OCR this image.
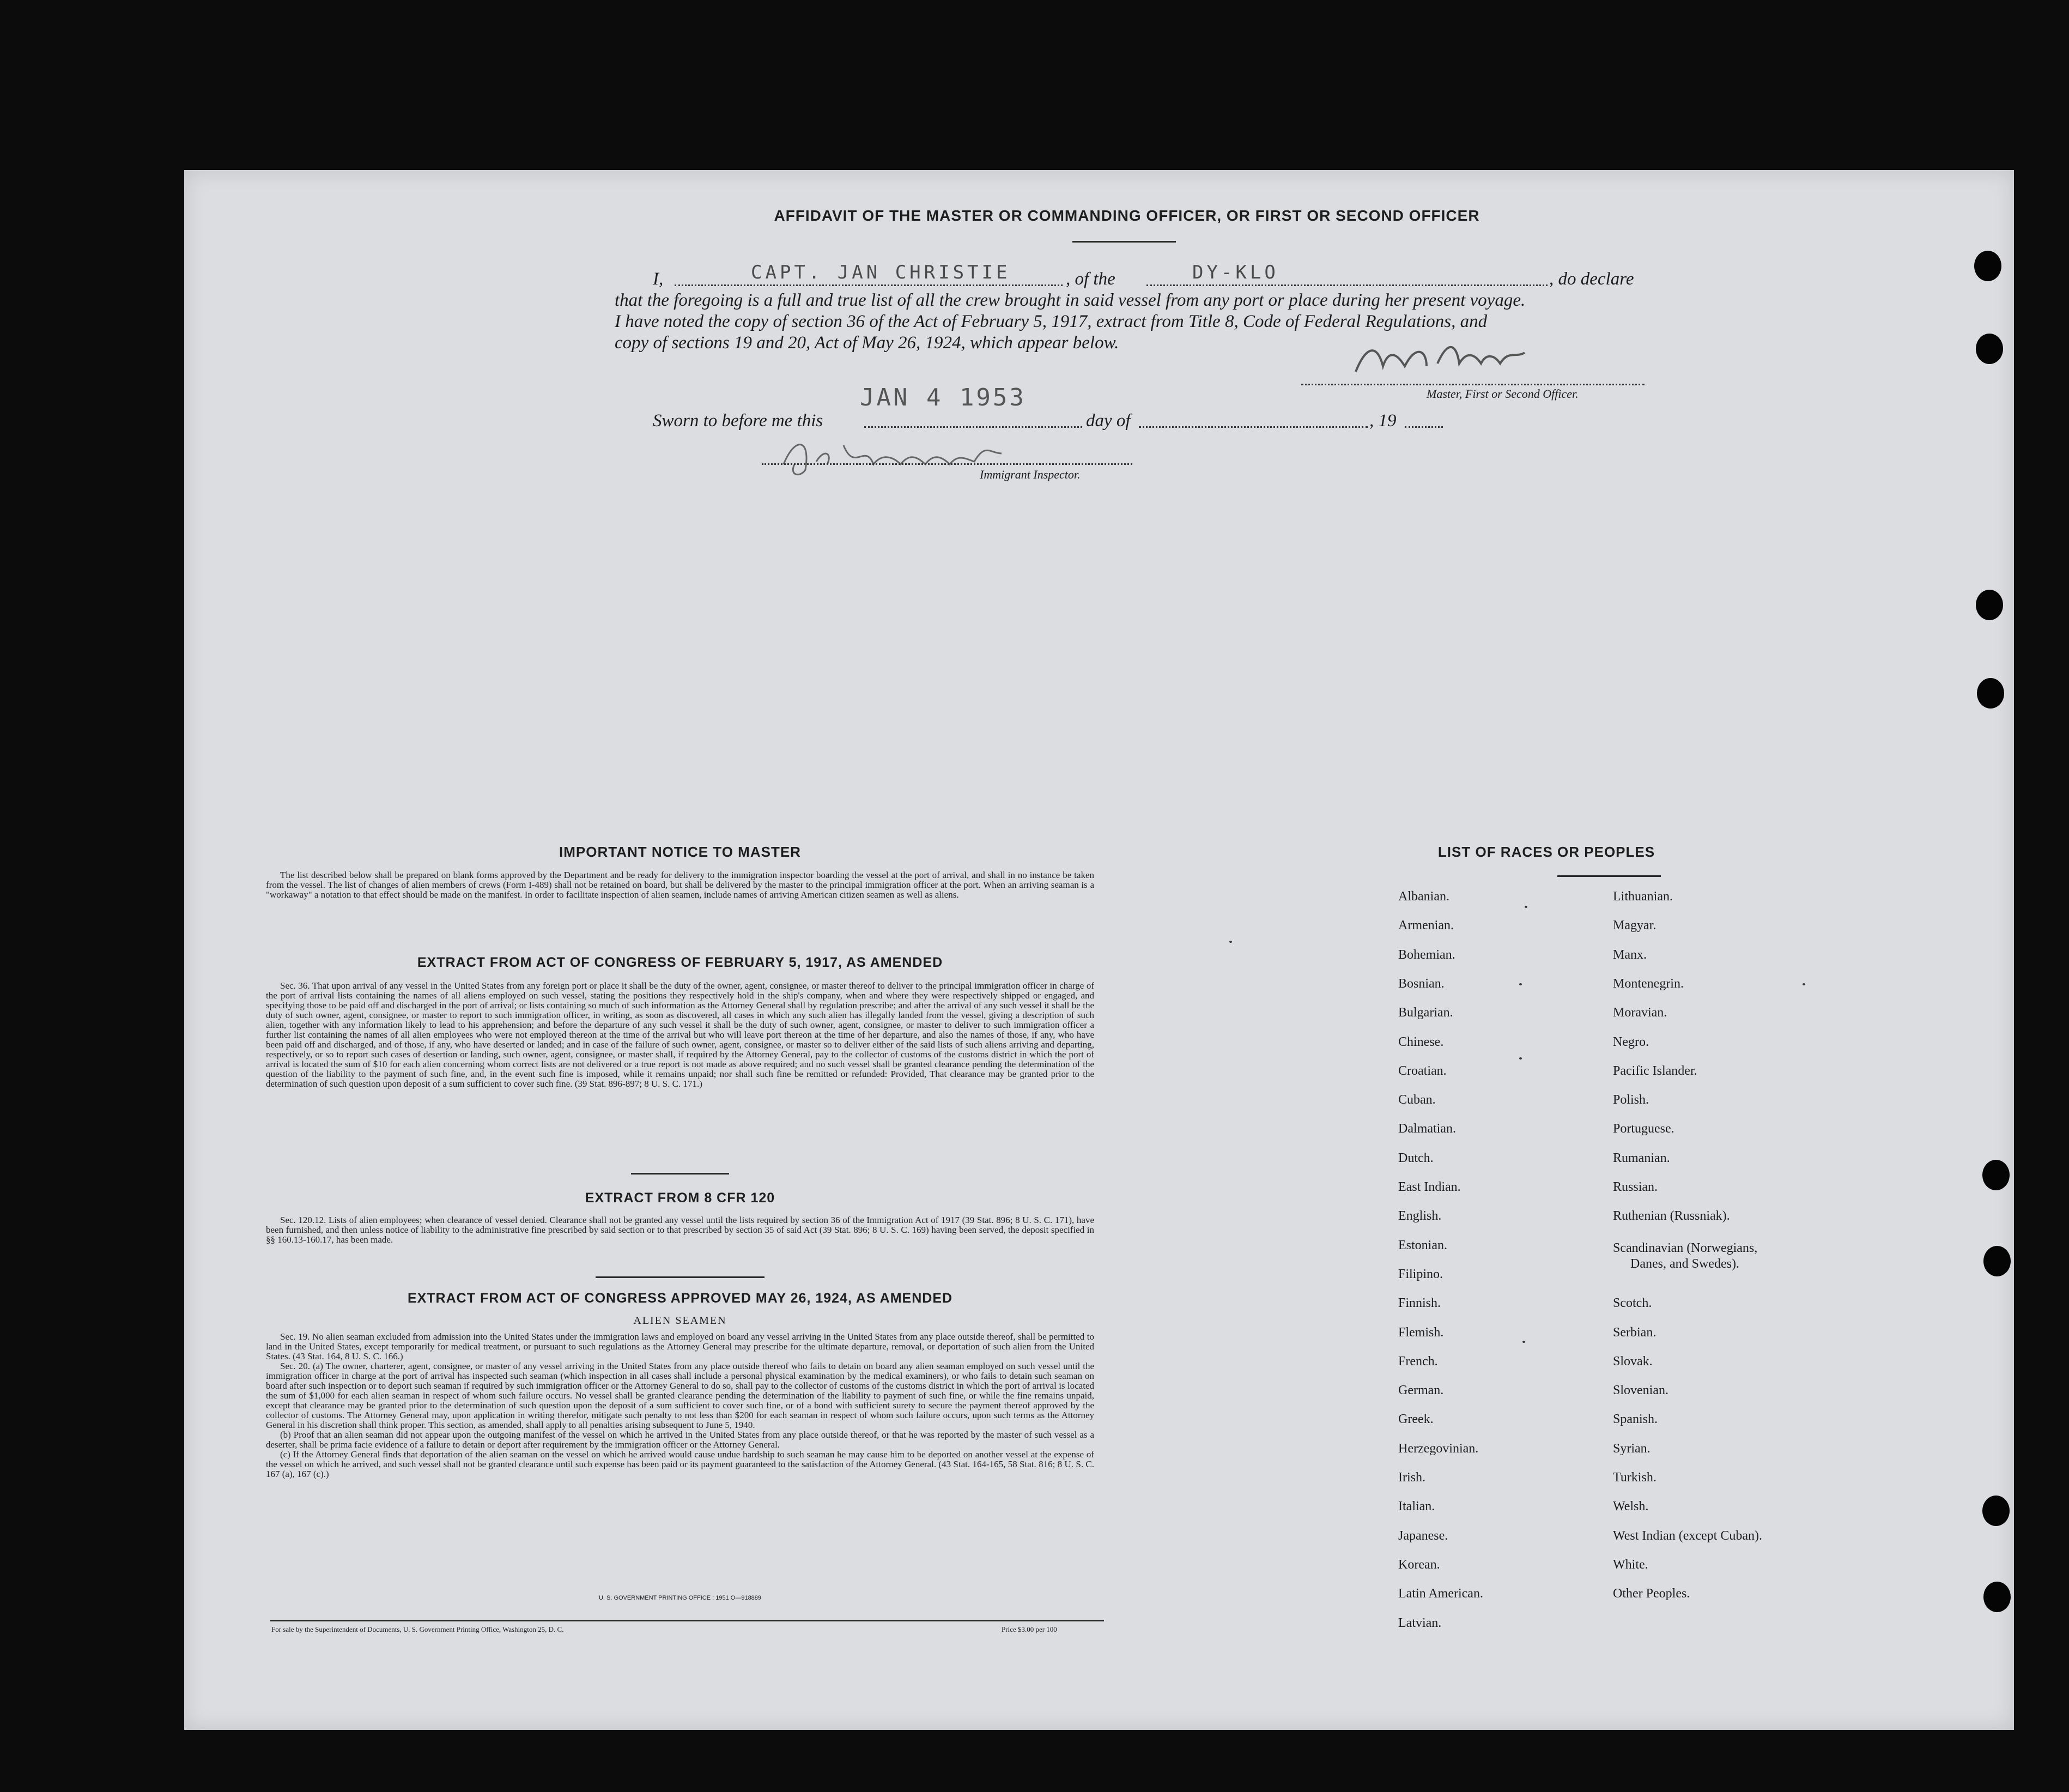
AFFIDAVIT OF THE MASTER OR COMMANDING OFFICER, OR FIRST OR SECOND OFFICER
I,	CAPT. JAN CHRISTIE	, of the	DY-KLO	, do declare
that the foregoing is a full and true list of all the crew brought in said vessel from any port or place during her present voyage.
I have noted the copy of section 36 of the Act of February 5, 1917, extract from Title 8, Code of Federal Regulations, and
copy of sections 19 and 20, Act of May 26, 1924, which appear below.
Master, First or Second Officer.
Sworn to before me this
JAN 4 1953
day of	, 19
Immigrant Inspector.
IMPORTANT NOTICE TO MASTER

The list described below shall be prepared on blank forms approved by the Department and be ready for delivery to the immigration inspector boarding the vessel at the port of arrival, and shall in no instance be taken from the vessel. The list of changes of alien members of crews (Form I-489) shall not be retained on board, but shall be delivered by the master to the principal immigration officer at the port. When an arriving seaman is a "workaway" a notation to that effect should be made on the manifest. In order to facilitate inspection of alien seamen, include names of arriving American citizen seamen as well as aliens.

EXTRACT FROM ACT OF CONGRESS OF FEBRUARY 5, 1917, AS AMENDED

Sec. 36. That upon arrival of any vessel in the United States from any foreign port or place it shall be the duty of the owner, agent, consignee, or master thereof to deliver to the principal immigration officer in charge of the port of arrival lists containing the names of all aliens employed on such vessel, stating the positions they respectively hold in the ship's company, when and where they were respectively shipped or engaged, and specifying those to be paid off and discharged in the port of arrival; or lists containing so much of such information as the Attorney General shall by regulation prescribe; and after the arrival of any such vessel it shall be the duty of such owner, agent, consignee, or master to report to such immigration officer, in writing, as soon as discovered, all cases in which any such alien has illegally landed from the vessel, giving a description of such alien, together with any information likely to lead to his apprehension; and before the departure of any such vessel it shall be the duty of such owner, agent, consignee, or master to deliver to such immigration officer a further list containing the names of all alien employees who were not employed thereon at the time of the arrival but who will leave port thereon at the time of her departure, and also the names of those, if any, who have been paid off and discharged, and of those, if any, who have deserted or landed; and in case of the failure of such owner, agent, consignee, or master so to deliver either of the said lists of such aliens arriving and departing, respectively, or so to report such cases of desertion or landing, such owner, agent, consignee, or master shall, if required by the Attorney General, pay to the collector of customs of the customs district in which the port of arrival is located the sum of $10 for each alien concerning whom correct lists are not delivered or a true report is not made as above required; and no such vessel shall be granted clearance pending the determination of the question of the liability to the payment of such fine, and, in the event such fine is imposed, while it remains unpaid; nor shall such fine be remitted or refunded: Provided, That clearance may be granted prior to the determination of such question upon deposit of a sum sufficient to cover such fine. (39 Stat. 896-897; 8 U. S. C. 171.)

EXTRACT FROM 8 CFR 120

Sec. 120.12. Lists of alien employees; when clearance of vessel denied. Clearance shall not be granted any vessel until the lists required by section 36 of the Immigration Act of 1917 (39 Stat. 896; 8 U. S. C. 171), have been furnished, and then unless notice of liability to the administrative fine prescribed by said section or to that prescribed by section 35 of said Act (39 Stat. 896; 8 U. S. C. 169) having been served, the deposit specified in §§ 160.13-160.17, has been made.

EXTRACT FROM ACT OF CONGRESS APPROVED MAY 26, 1924, AS AMENDED
ALIEN SEAMEN

Sec. 19. No alien seaman excluded from admission into the United States under the immigration laws and employed on board any vessel arriving in the United States from any place outside thereof, shall be permitted to land in the United States, except temporarily for medical treatment, or pursuant to such regulations as the Attorney General may prescribe for the ultimate departure, removal, or deportation of such alien from the United States. (43 Stat. 164, 8 U. S. C. 166.)

Sec. 20. (a) The owner, charterer, agent, consignee, or master of any vessel arriving in the United States from any place outside thereof who fails to detain on board any alien seaman employed on such vessel until the immigration officer in charge at the port of arrival has inspected such seaman (which inspection in all cases shall include a personal physical examination by the medical examiners), or who fails to detain such seaman on board after such inspection or to deport such seaman if required by such immigration officer or the Attorney General to do so, shall pay to the collector of customs of the customs district in which the port of arrival is located the sum of $1,000 for each alien seaman in respect of whom such failure occurs. No vessel shall be granted clearance pending the determination of the liability to payment of such fine, or while the fine remains unpaid, except that clearance may be granted prior to the determination of such question upon the deposit of a sum sufficient to cover such fine, or of a bond with sufficient surety to secure the payment thereof approved by the collector of customs. The Attorney General may, upon application in writing therefor, mitigate such penalty to not less than $200 for each seaman in respect of whom such failure occurs, upon such terms as the Attorney General in his discretion shall think proper. This section, as amended, shall apply to all penalties arising subsequent to June 5, 1940.

(b) Proof that an alien seaman did not appear upon the outgoing manifest of the vessel on which he arrived in the United States from any place outside thereof, or that he was reported by the master of such vessel as a deserter, shall be prima facie evidence of a failure to detain or deport after requirement by the immigration officer or the Attorney General.

(c) If the Attorney General finds that deportation of the alien seaman on the vessel on which he arrived would cause undue hardship to such seaman he may cause him to be deported on another vessel at the expense of the vessel on which he arrived, and such vessel shall not be granted clearance until such expense has been paid or its payment guaranteed to the satisfaction of the Attorney General. (43 Stat. 164-165, 58 Stat. 816; 8 U. S. C. 167 (a), 167 (c).)

U. S. GOVERNMENT PRINTING OFFICE : 1951 O—918889
For sale by the Superintendent of Documents, U. S. Government Printing Office, Washington 25, D. C.	Price $3.00 per 100
LIST OF RACES OR PEOPLES
Albanian.
Armenian.
Bohemian.
Bosnian.
Bulgarian.
Chinese.
Croatian.
Cuban.
Dalmatian.
Dutch.
East Indian.
English.
Estonian.
Filipino.
Finnish.
Flemish.
French.
German.
Greek.
Herzegovinian.
Irish.
Italian.
Japanese.
Korean.
Latin American.
Latvian.
Lithuanian.
Magyar.
Manx.
Montenegrin.
Moravian.
Negro.
Pacific Islander.
Polish.
Portuguese.
Rumanian.
Russian.
Ruthenian (Russniak).
Scandinavian (Norwegians,
Danes, and Swedes).
Scotch.
Serbian.
Slovak.
Slovenian.
Spanish.
Syrian.
Turkish.
Welsh.
West Indian (except Cuban).
White.
Other Peoples.
